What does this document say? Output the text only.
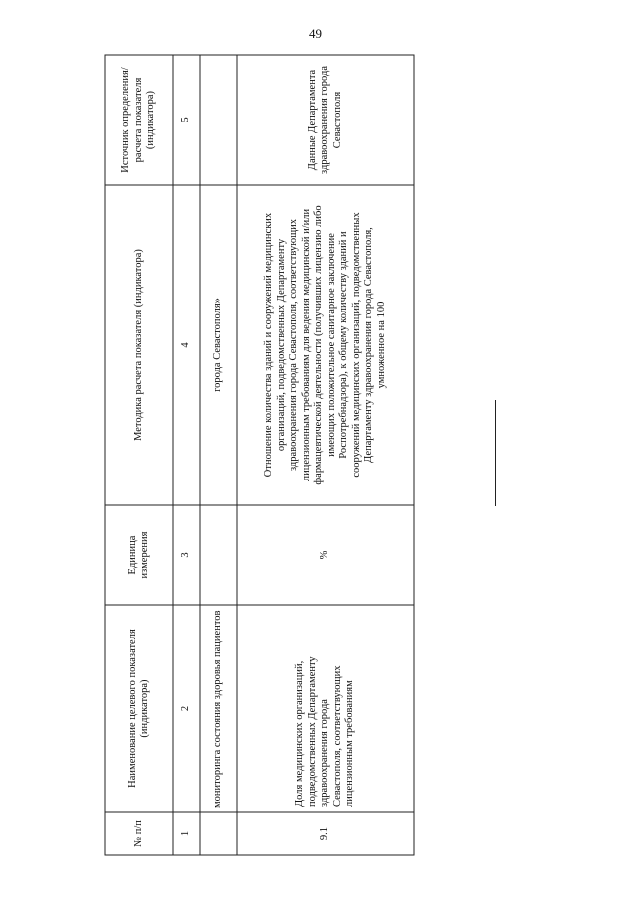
49
№ п/п
Наименование целевого показателя (индикатора)
Единица измерения
Методика расчета показателя (индикатора)
Источник определения/ расчета показателя (индикатора)
1
2
3
4
5
мониторинга состояния здоровья пациентов
города Севастополя»
9.1
Доля медицинских организаций, подведомственных Департаменту здравоохранения города Севастополя, соответствующих лицензионным требованиям
%
Отношение количества зданий и сооружений медицинских организаций, подведомственных Департаменту здравоохранения города Севастополя, соответствующих лицензионным требованиям для ведения медицинской и/или фармацевтической деятельности (получивших лицензию либо имеющих положительное санитарное заключение Роспотребнадзора), к общему количеству зданий и сооружений медицинских организаций, подведомственных Департаменту здравоохранения города Севастополя, умноженное на 100
Данные Департамента здравоохранения города Севастополя
